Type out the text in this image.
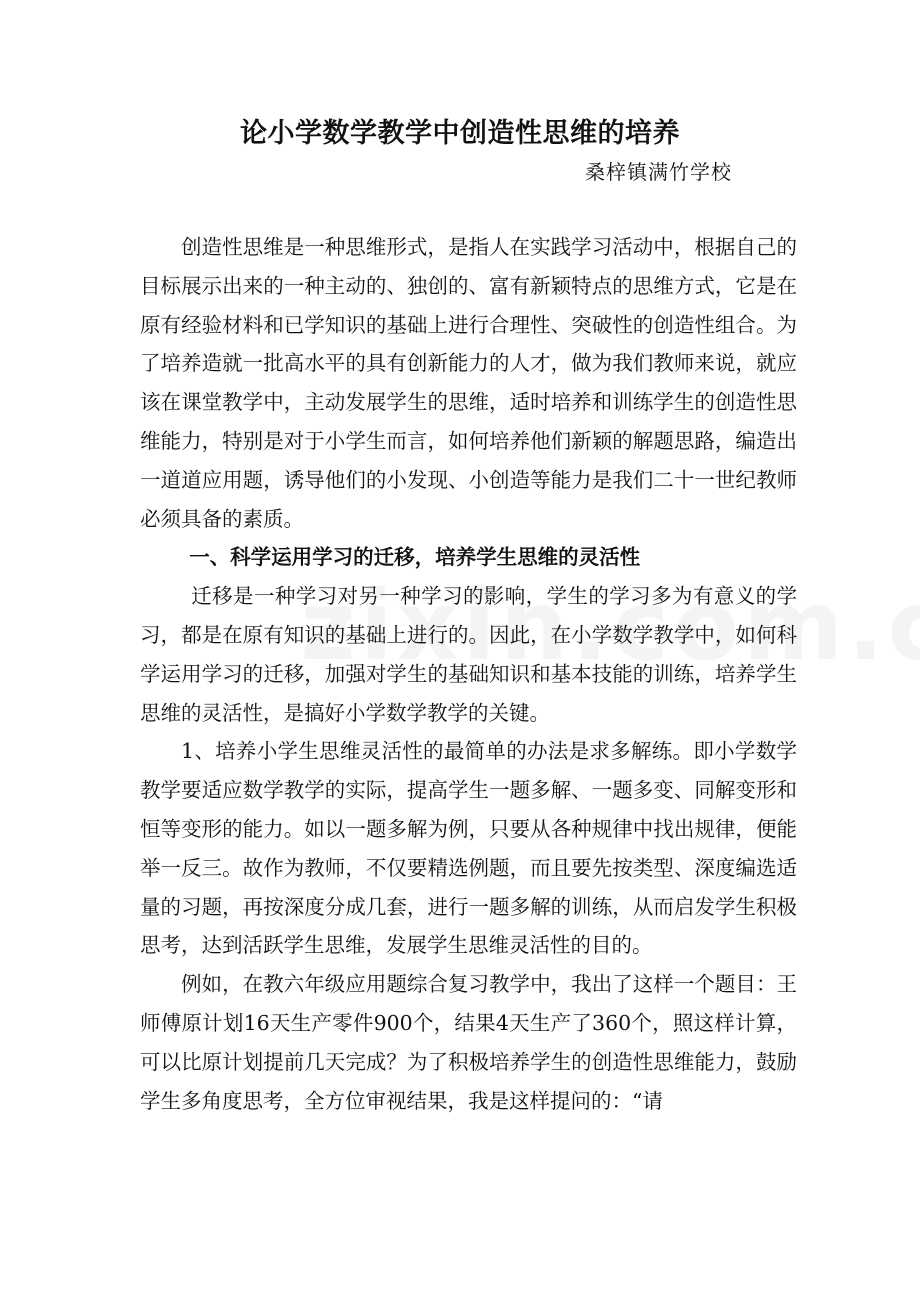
论小学数学教学中创造性思维的培养
桑梓镇满竹学校

创造性思维是一种思维形式，是指人在实践学习活动中，根据自己的目标展示出来的一种主动的、独创的、富有新颖特点的思维方式，它是在原有经验材料和已学知识的基础上进行合理性、突破性的创造性组合。为了培养造就一批高水平的具有创新能力的人才，做为我们教师来说，就应该在课堂教学中，主动发展学生的思维，适时培养和训练学生的创造性思维能力，特别是对于小学生而言，如何培养他们新颖的解题思路，编造出一道道应用题，诱导他们的小发现、小创造等能力是我们二十一世纪教师必须具备的素质。

一、科学运用学习的迁移，培养学生思维的灵活性

迁移是一种学习对另一种学习的影响，学生的学习多为有意义的学习，都是在原有知识的基础上进行的。因此，在小学数学教学中，如何科学运用学习的迁移，加强对学生的基础知识和基本技能的训练，培养学生思维的灵活性，是搞好小学数学教学的关键。

1、培养小学生思维灵活性的最简单的办法是求多解练。即小学数学教学要适应数学教学的实际，提高学生一题多解、一题多变、同解变形和恒等变形的能力。如以一题多解为例，只要从各种规律中找出规律，便能举一反三。故作为教师，不仅要精选例题，而且要先按类型、深度编选适量的习题，再按深度分成几套，进行一题多解的训练，从而启发学生积极思考，达到活跃学生思维，发展学生思维灵活性的目的。

例如，在教六年级应用题综合复习教学中，我出了这样一个题目：王师傅原计划16天生产零件900个，结果4天生产了360个，照这样计算，可以比原计划提前几天完成？为了积极培养学生的创造性思维能力，鼓励学生多角度思考，全方位审视结果，我是这样提问的：“请
